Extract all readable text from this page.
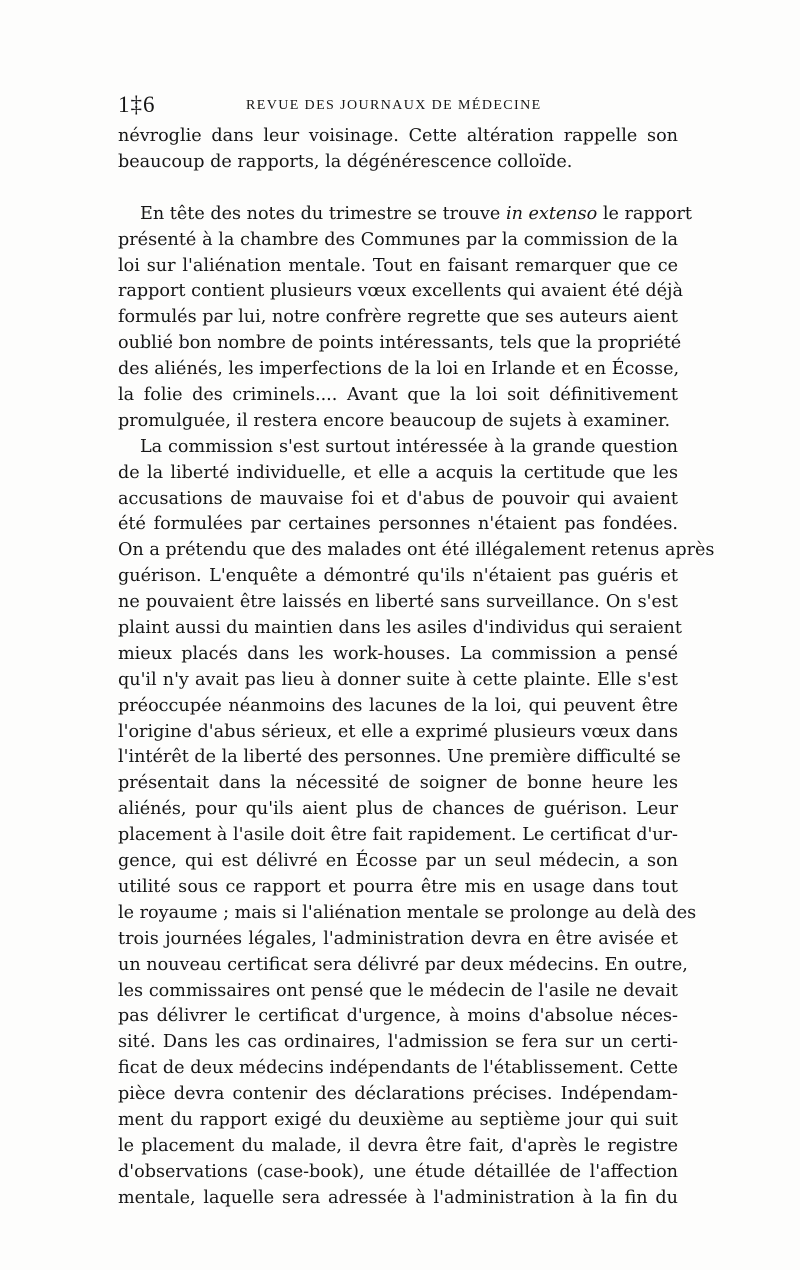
1‡6	REVUE DES JOURNAUX DE MÉDECINE
névroglie dans leur voisinage. Cette altération rappelle son
beaucoup de rapports, la dégénérescence colloïde.
En tête des notes du trimestre se trouve in extenso le rapport
présenté à la chambre des Communes par la commission de la
loi sur l'aliénation mentale. Tout en faisant remarquer que ce
rapport contient plusieurs vœux excellents qui avaient été déjà
formulés par lui, notre confrère regrette que ses auteurs aient
oublié bon nombre de points intéressants, tels que la propriété
des aliénés, les imperfections de la loi en Irlande et en Écosse,
la folie des criminels.... Avant que la loi soit définitivement
promulguée, il restera encore beaucoup de sujets à examiner.
La commission s'est surtout intéressée à la grande question
de la liberté individuelle, et elle a acquis la certitude que les
accusations de mauvaise foi et d'abus de pouvoir qui avaient
été formulées par certaines personnes n'étaient pas fondées.
On a prétendu que des malades ont été illégalement retenus après
guérison. L'enquête a démontré qu'ils n'étaient pas guéris et
ne pouvaient être laissés en liberté sans surveillance. On s'est
plaint aussi du maintien dans les asiles d'individus qui seraient
mieux placés dans les work-houses. La commission a pensé
qu'il n'y avait pas lieu à donner suite à cette plainte. Elle s'est
préoccupée néanmoins des lacunes de la loi, qui peuvent être
l'origine d'abus sérieux, et elle a exprimé plusieurs vœux dans
l'intérêt de la liberté des personnes. Une première difficulté se
présentait dans la nécessité de soigner de bonne heure les
aliénés, pour qu'ils aient plus de chances de guérison. Leur
placement à l'asile doit être fait rapidement. Le certificat d'ur-
gence, qui est délivré en Écosse par un seul médecin, a son
utilité sous ce rapport et pourra être mis en usage dans tout
le royaume ; mais si l'aliénation mentale se prolonge au delà des
trois journées légales, l'administration devra en être avisée et
un nouveau certificat sera délivré par deux médecins. En outre,
les commissaires ont pensé que le médecin de l'asile ne devait
pas délivrer le certificat d'urgence, à moins d'absolue néces-
sité. Dans les cas ordinaires, l'admission se fera sur un certi-
ficat de deux médecins indépendants de l'établissement. Cette
pièce devra contenir des déclarations précises. Indépendam-
ment du rapport exigé du deuxième au septième jour qui suit
le placement du malade, il devra être fait, d'après le registre
d'observations (case-book), une étude détaillée de l'affection
mentale, laquelle sera adressée à l'administration à la fin du
